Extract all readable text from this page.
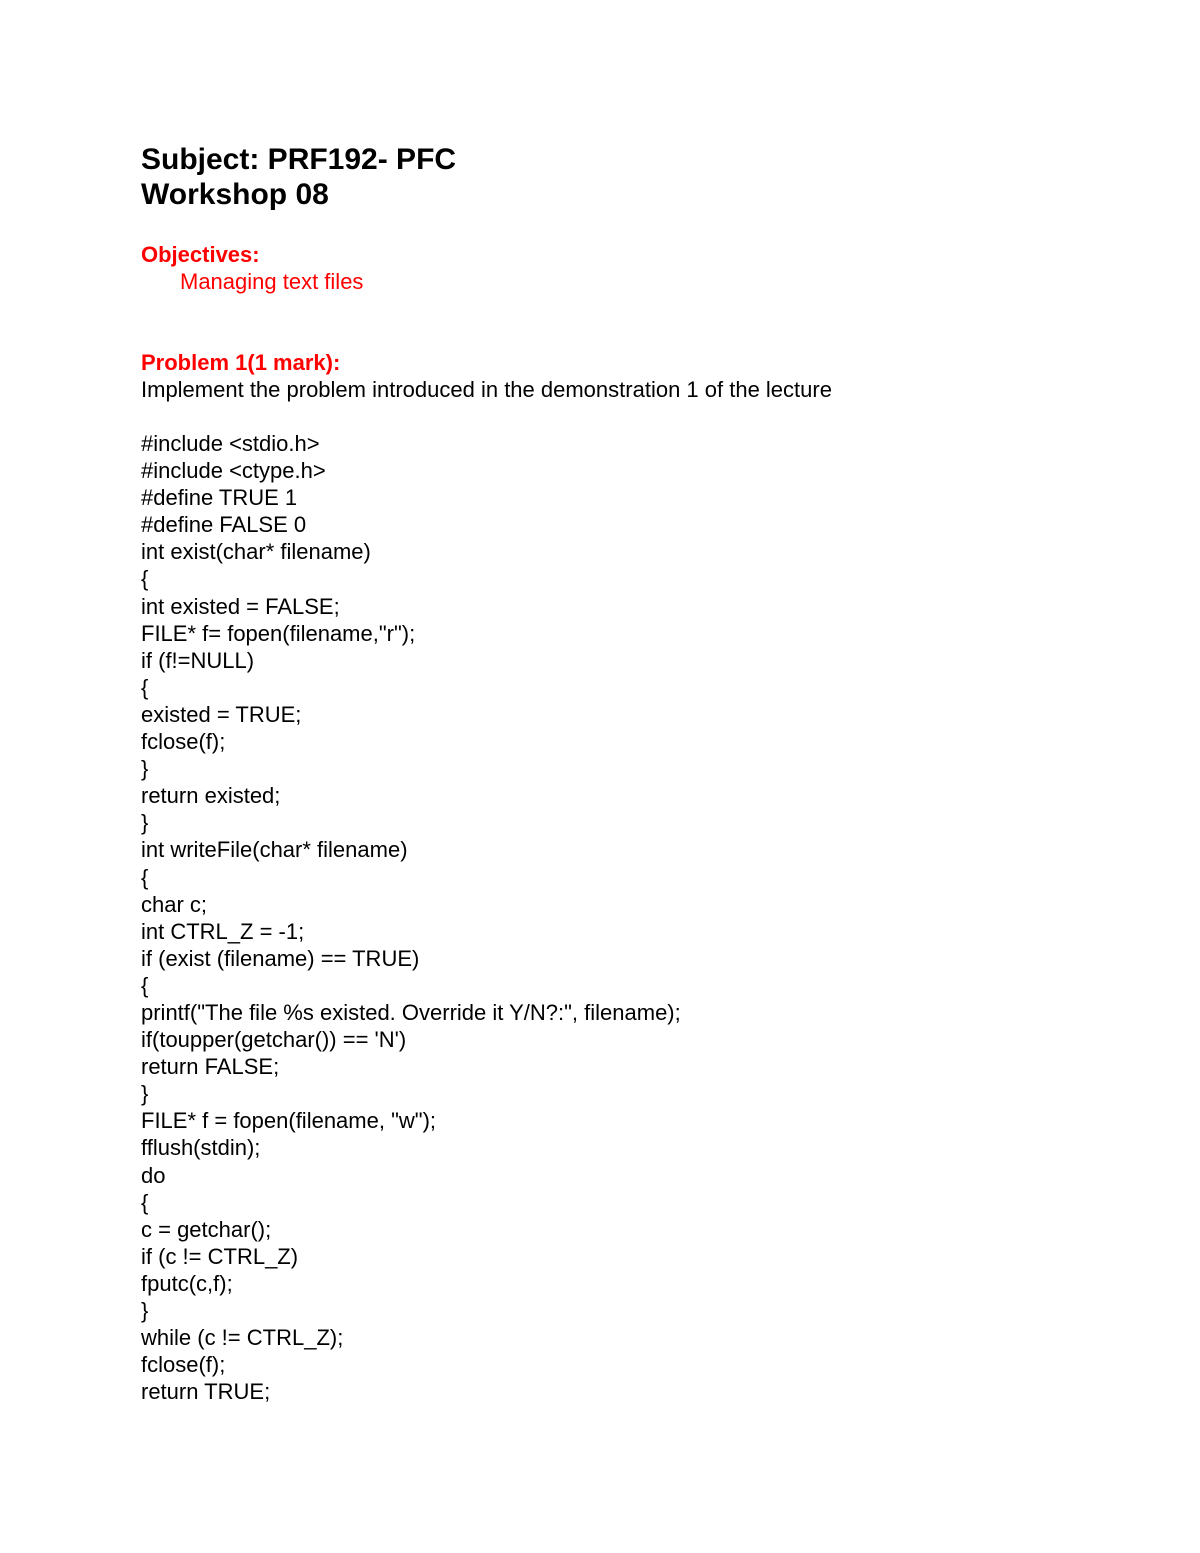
Subject: PRF192- PFC
Workshop 08
Objectives:
Managing text files
Problem 1(1 mark):
Implement the problem introduced in the demonstration 1 of the lecture
#include <stdio.h>
#include <ctype.h>
#define TRUE 1
#define FALSE 0
int exist(char* filename)
{
int existed = FALSE;
FILE* f= fopen(filename,"r");
if (f!=NULL)
{
existed = TRUE;
fclose(f);
}
return existed;
}
int writeFile(char* filename)
{
char c;
int CTRL_Z = -1;
if (exist (filename) == TRUE)
{
printf("The file %s existed. Override it Y/N?:", filename);
if(toupper(getchar()) == 'N')
return FALSE;
}
FILE* f = fopen(filename, "w");
fflush(stdin);
do
{
c = getchar();
if (c != CTRL_Z)
fputc(c,f);
}
while (c != CTRL_Z);
fclose(f);
return TRUE;
